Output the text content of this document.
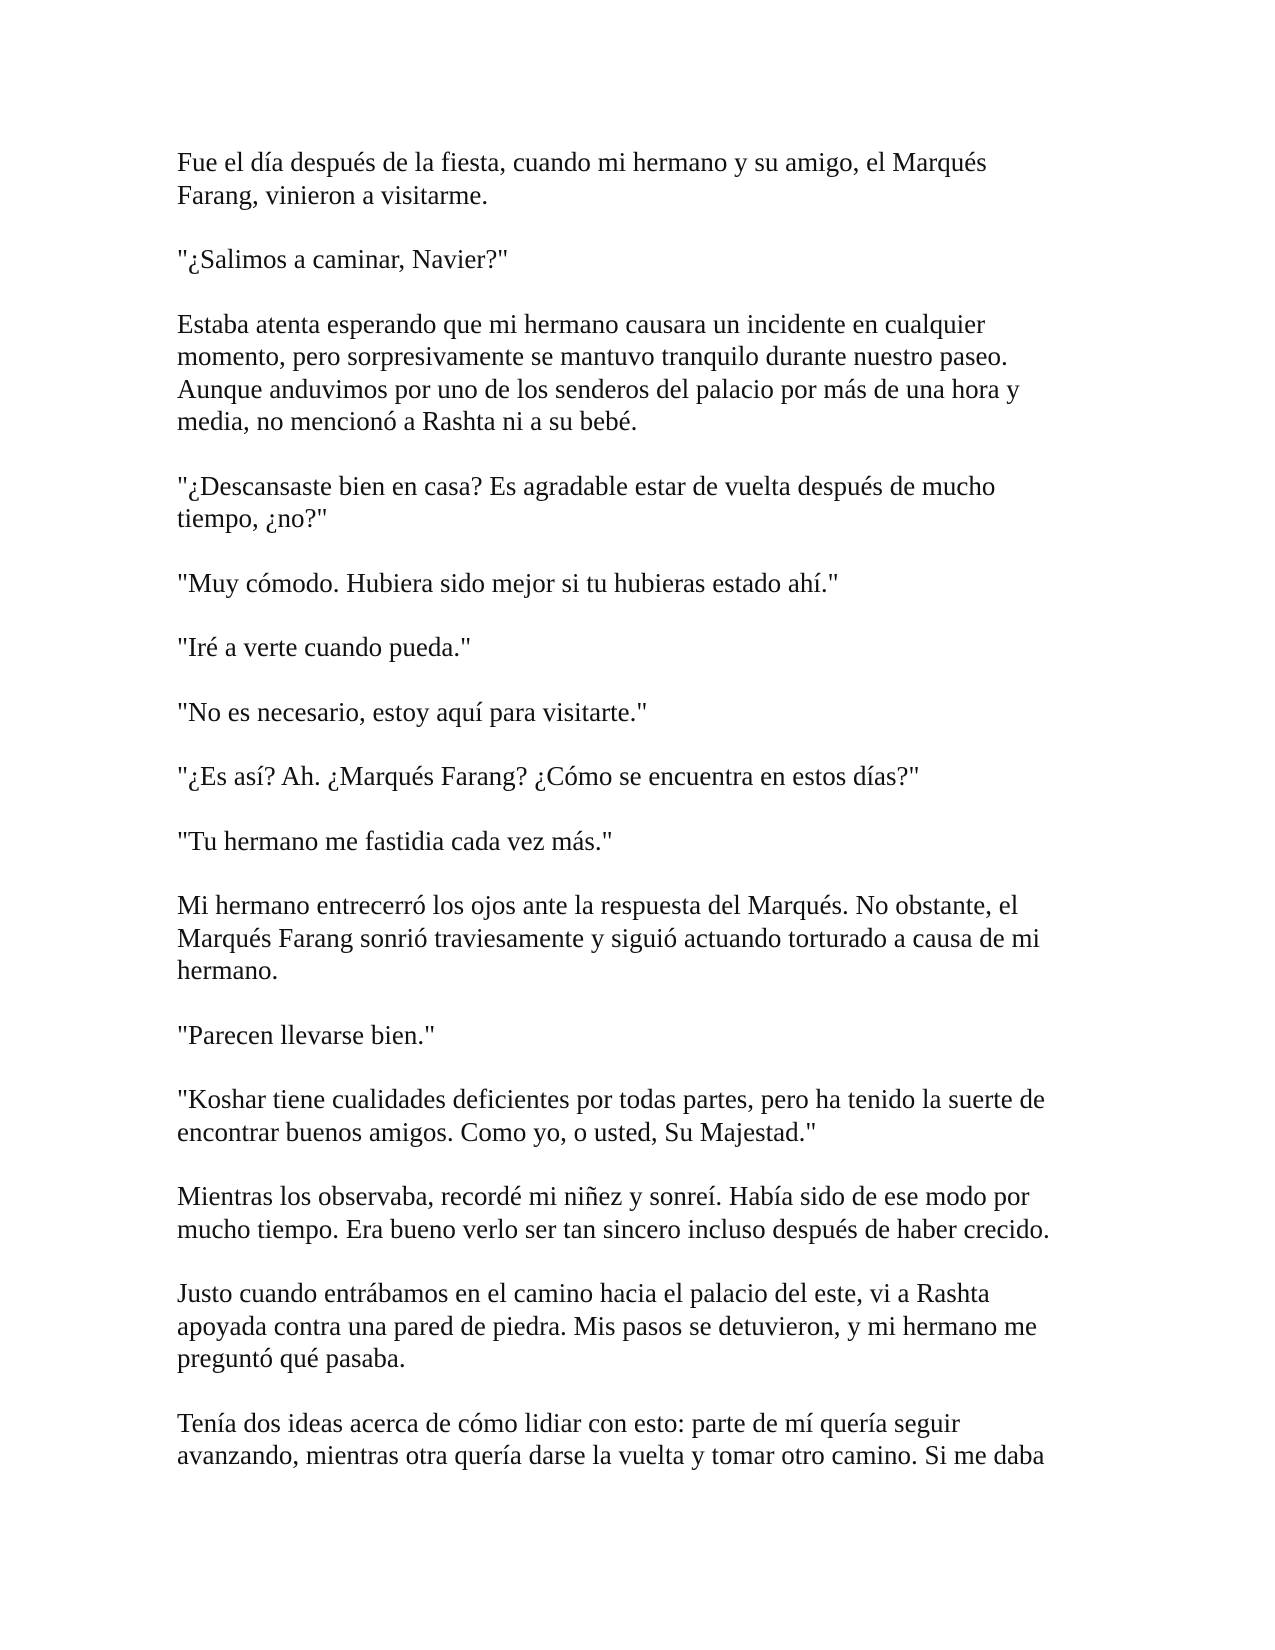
Fue el día después de la fiesta, cuando mi hermano y su amigo, el Marqués
Farang, vinieron a visitarme.

"¿Salimos a caminar, Navier?"

Estaba atenta esperando que mi hermano causara un incidente en cualquier
momento, pero sorpresivamente se mantuvo tranquilo durante nuestro paseo.
Aunque anduvimos por uno de los senderos del palacio por más de una hora y
media, no mencionó a Rashta ni a su bebé.

"¿Descansaste bien en casa? Es agradable estar de vuelta después de mucho
tiempo, ¿no?"

"Muy cómodo. Hubiera sido mejor si tu hubieras estado ahí."

"Iré a verte cuando pueda."

"No es necesario, estoy aquí para visitarte."

"¿Es así? Ah. ¿Marqués Farang? ¿Cómo se encuentra en estos días?"

"Tu hermano me fastidia cada vez más."

Mi hermano entrecerró los ojos ante la respuesta del Marqués. No obstante, el
Marqués Farang sonrió traviesamente y siguió actuando torturado a causa de mi
hermano.

"Parecen llevarse bien."

"Koshar tiene cualidades deficientes por todas partes, pero ha tenido la suerte de
encontrar buenos amigos. Como yo, o usted, Su Majestad."

Mientras los observaba, recordé mi niñez y sonreí. Había sido de ese modo por
mucho tiempo. Era bueno verlo ser tan sincero incluso después de haber crecido.

Justo cuando entrábamos en el camino hacia el palacio del este, vi a Rashta
apoyada contra una pared de piedra. Mis pasos se detuvieron, y mi hermano me
preguntó qué pasaba.

Tenía dos ideas acerca de cómo lidiar con esto: parte de mí quería seguir
avanzando, mientras otra quería darse la vuelta y tomar otro camino. Si me daba
